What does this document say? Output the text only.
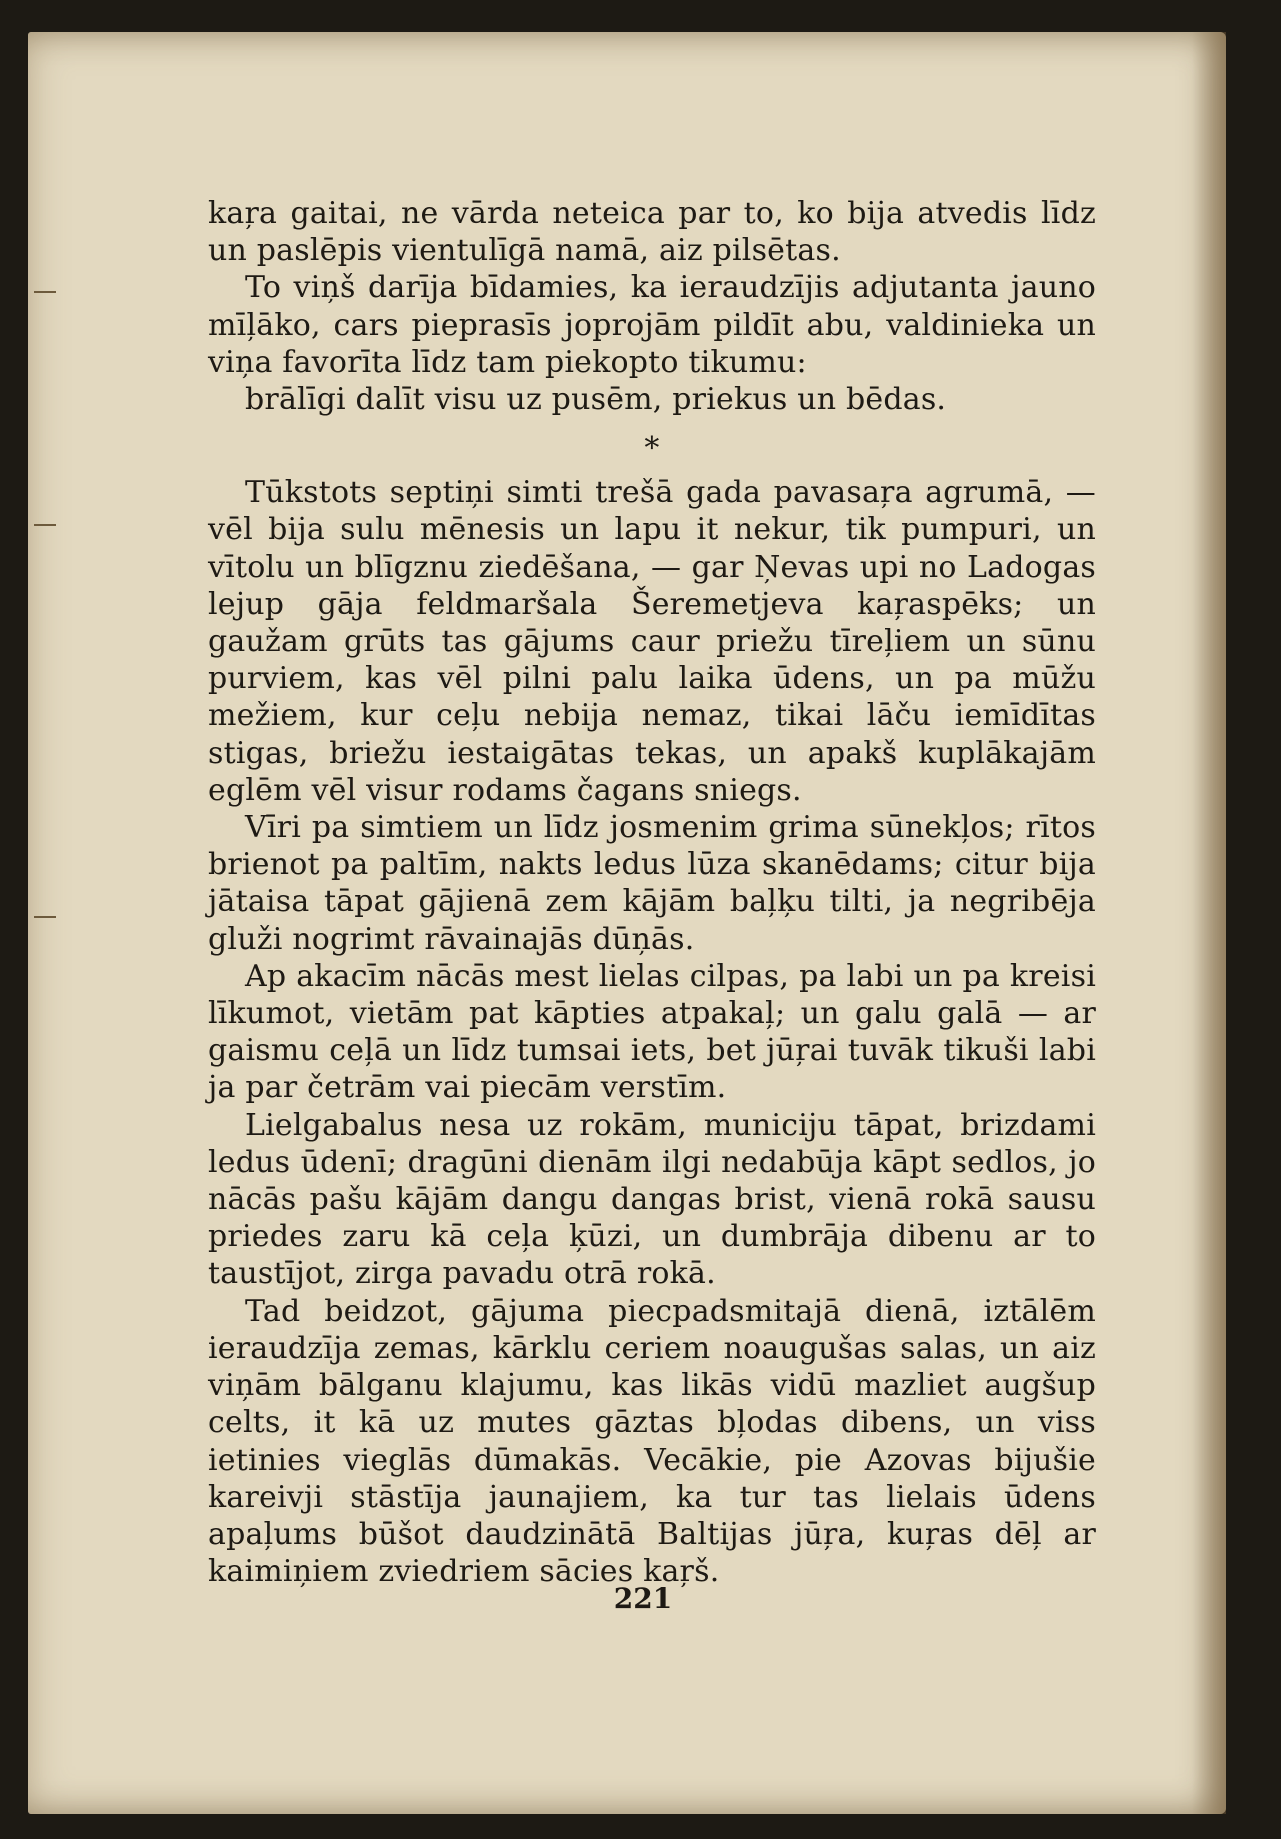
kaŗa gaitai, ne vārda neteica par to, ko bija atvedis līdz un paslēpis vientulīgā namā, aiz pilsētas.

To viņš darīja bīdamies, ka ieraudzījis adjutanta jauno mīļāko, cars pieprasīs joprojām pildīt abu, valdinieka un viņa favorīta līdz tam piekopto tikumu:

brālīgi dalīt visu uz pusēm, priekus un bēdas.

*

Tūkstots septiņi simti trešā gada pavasaŗa agrumā, — vēl bija sulu mēnesis un lapu it nekur, tik pumpuri, un vītolu un blīgznu ziedēšana, — gar Ņevas upi no Ladogas lejup gāja feldmaršala Šeremetjeva kaŗaspēks; un gaužam grūts tas gājums caur priežu tīreļiem un sūnu purviem, kas vēl pilni palu laika ūdens, un pa mūžu mežiem, kur ceļu nebija nemaz, tikai lāču iemīdītas stigas, briežu iestaigātas tekas, un apakš kuplākajām eglēm vēl visur rodams čagans sniegs.

Vīri pa simtiem un līdz josmenim grima sūnekļos; rītos brienot pa paltīm, nakts ledus lūza skanēdams; citur bija jātaisa tāpat gājienā zem kājām baļķu tilti, ja negribēja gluži nogrimt rāvainajās dūņās.

Ap akacīm nācās mest lielas cilpas, pa labi un pa kreisi līkumot, vietām pat kāpties atpakaļ; un galu galā — ar gaismu ceļā un līdz tumsai iets, bet jūŗai tuvāk tikuši labi ja par četrām vai piecām verstīm.

Lielgabalus nesa uz rokām, municiju tāpat, brizdami ledus ūdenī; dragūni dienām ilgi nedabūja kāpt sedlos, jo nācās pašu kājām dangu dangas brist, vienā rokā sausu priedes zaru kā ceļa ķūzi, un dumbrāja dibenu ar to taustījot, zirga pavadu otrā rokā.

Tad beidzot, gājuma piecpadsmitajā dienā, iztālēm ieraudzīja zemas, kārklu ceriem noaugušas salas, un aiz viņām bālganu klajumu, kas likās vidū mazliet augšup celts, it kā uz mutes gāztas bļodas dibens, un viss ietinies vieglās dūmakās. Vecākie, pie Azovas bijušie kareivji stāstīja jaunajiem, ka tur tas lielais ūdens apaļums būšot daudzinātā Baltijas jūŗa, kuŗas dēļ ar kaimiņiem zviedriem sācies kaŗš.

221
